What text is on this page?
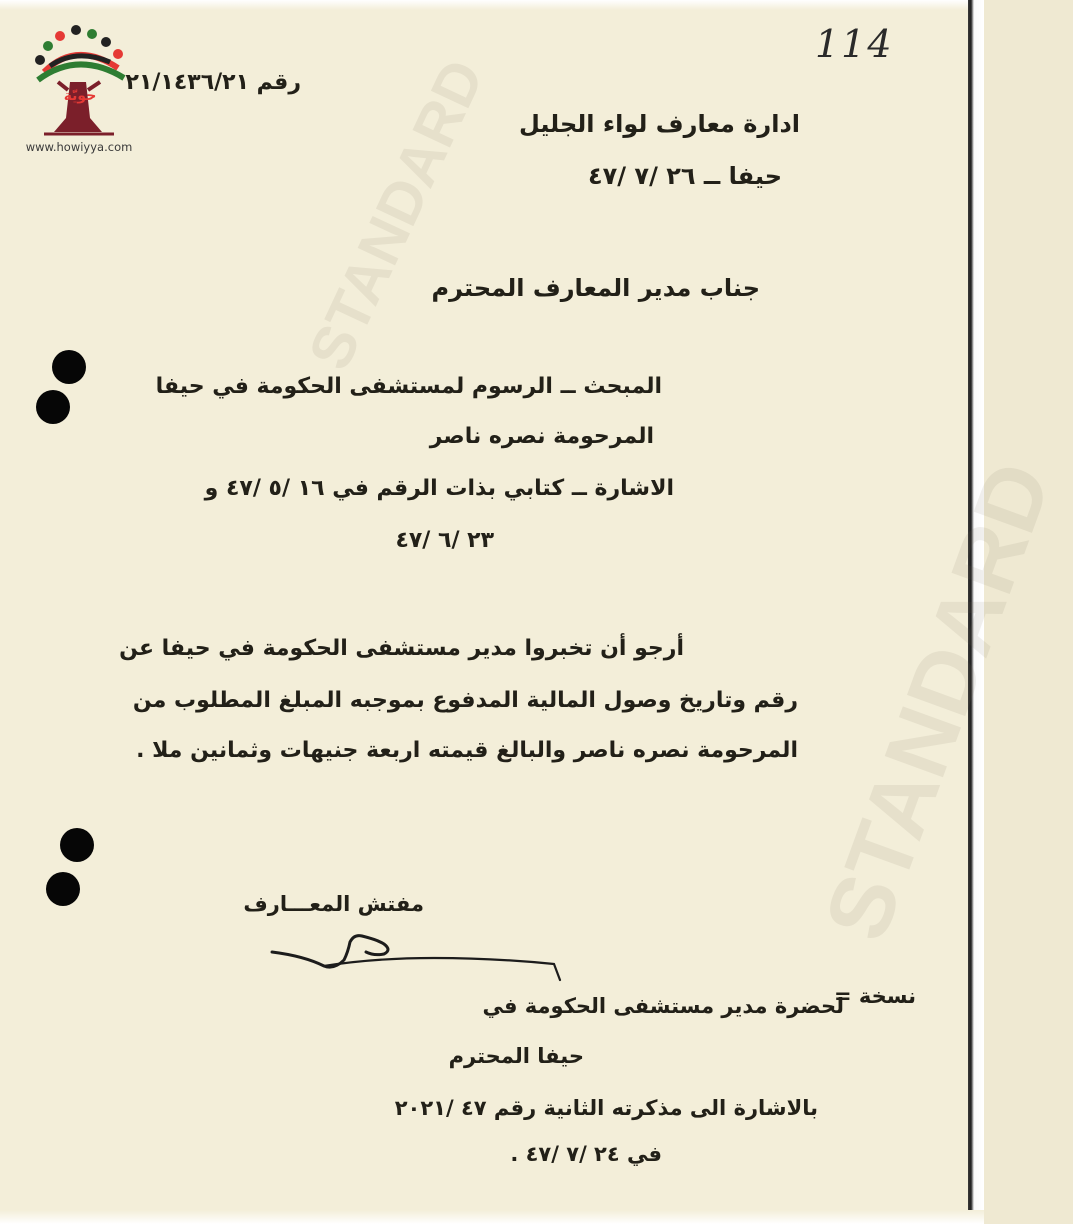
STANDARD
STANDARD
حويّة
www.howiyya.com
114
رقم ٢١/١٤٣٦/٢١
ادارة معارف لواء الجليل
حيفا ــ ٢٦ /٧ /٤٧
جناب مدير المعارف المحترم
المبحث ــ الرسوم لمستشفى الحكومة في حيفا
المرحومة نصره ناصر
الاشارة ــ كتابي بذات الرقم في ١٦ /٥ /٤٧ و
٢٣ /٦ /٤٧
أرجو أن تخبروا مدير مستشفى الحكومة في حيفا عن
رقم وتاريخ وصول المالية المدفوع بموجبه المبلغ المطلوب من
المرحومة نصره ناصر والبالغ قيمته اربعة جنيهات وثمانين ملا .
مفتش المعـــارف
نسخة =
لحضرة مدير مستشفى الحكومة في
حيفا المحترم
بالاشارة الى مذكرته الثانية رقم ٤٧ /٢٠٢١
في ٢٤ /٧ /٤٧ .
